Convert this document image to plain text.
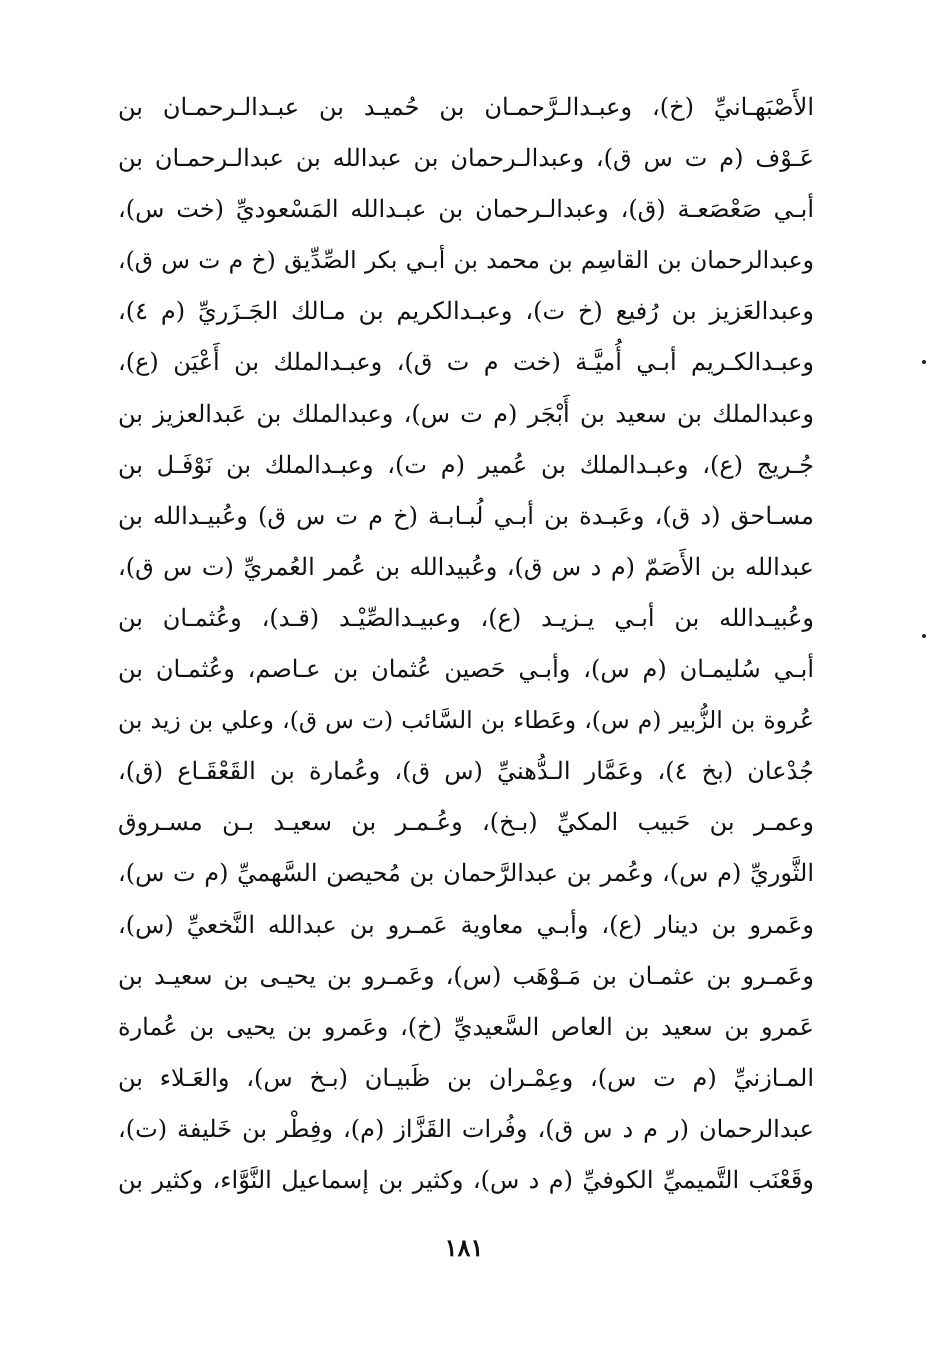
الأَصْبَهـانيِّ (خ)، وعبـدالـرَّحمـان بن حُميـد بن عبـدالـرحمـان بن
عَـوْف (م ت س ق)، وعبدالـرحمان بن عبدالله بن عبدالـرحمـان بن
أبـي صَعْصَعـة (ق)، وعبدالـرحمان بن عبـدالله المَسْعوديِّ (خت س)،
وعبدالرحمان بن القاسِم بن محمد بن أبـي بكر الصِّدِّيق (خ م ت س ق)،
وعبدالعَزيز بن رُفيع (خ ت)، وعبـدالكريم بن مـالك الجَـزَريِّ (م ٤)،
وعبـدالكـريم أبـي أُميَّـة (خت م ت ق)، وعبـدالملك بن أَعْيَن (ع)،
وعبدالملك بن سعيد بن أَبْجَر (م ت س)، وعبدالملك بن عَبدالعزيز بن
جُـريج (ع)، وعبـدالملك بن عُمير (م ت)، وعبـدالملك بن نَوْفَـل بن
مسـاحق (د ق)، وعَبـدة بن أبـي لُبـابـة (خ م ت س ق) وعُبيـدالله بن
عبدالله بن الأَصَمّ (م د س ق)، وعُبيدالله بن عُمر العُمريِّ (ت س ق)،
وعُبيـدالله بن أبـي يـزيـد (ع)، وعبيـدالصِّيْـد (قـد)، وعُثمـان بن
أبـي سُليمـان (م س)، وأبـي حَصين عُثمان بن عـاصم، وعُثمـان بن
عُروة بن الزُّبير (م س)، وعَطاء بن السَّائب (ت س ق)، وعلي بن زيد بن
جُدْعان (بخ ٤)، وعَمَّار الـدُّهنيِّ (س ق)، وعُمارة بن القَعْقَـاع (ق)،
وعمـر بن حَبيب المكيِّ (بـخ)، وعُـمـر بن سعيـد بـن مسـروق
الثَّوريِّ (م س)، وعُمر بن عبدالرَّحمان بن مُحيصن السَّهميِّ (م ت س)،
وعَمرو بن دينار (ع)، وأبـي معاوية عَمـرو بن عبدالله النَّخعيِّ (س)،
وعَمـرو بن عثمـان بن مَـوْهَب (س)، وعَمـرو بن يحيـى بن سعيـد بن
عَمرو بن سعيد بن العاص السَّعيديِّ (خ)، وعَمرو بن يحيى بن عُمارة
المـازنيِّ (م ت س)، وعِمْـران بن ظَبيـان (بـخ س)، والعَـلاء بن
عبدالرحمان (ر م د س ق)، وفُرات القَزَّاز (م)، وفِطْر بن خَليفة (ت)،
وقَعْنَب التَّميميِّ الكوفيِّ (م د س)، وكثير بن إسماعيل النَّوَّاء، وكثير بن
١٨١
